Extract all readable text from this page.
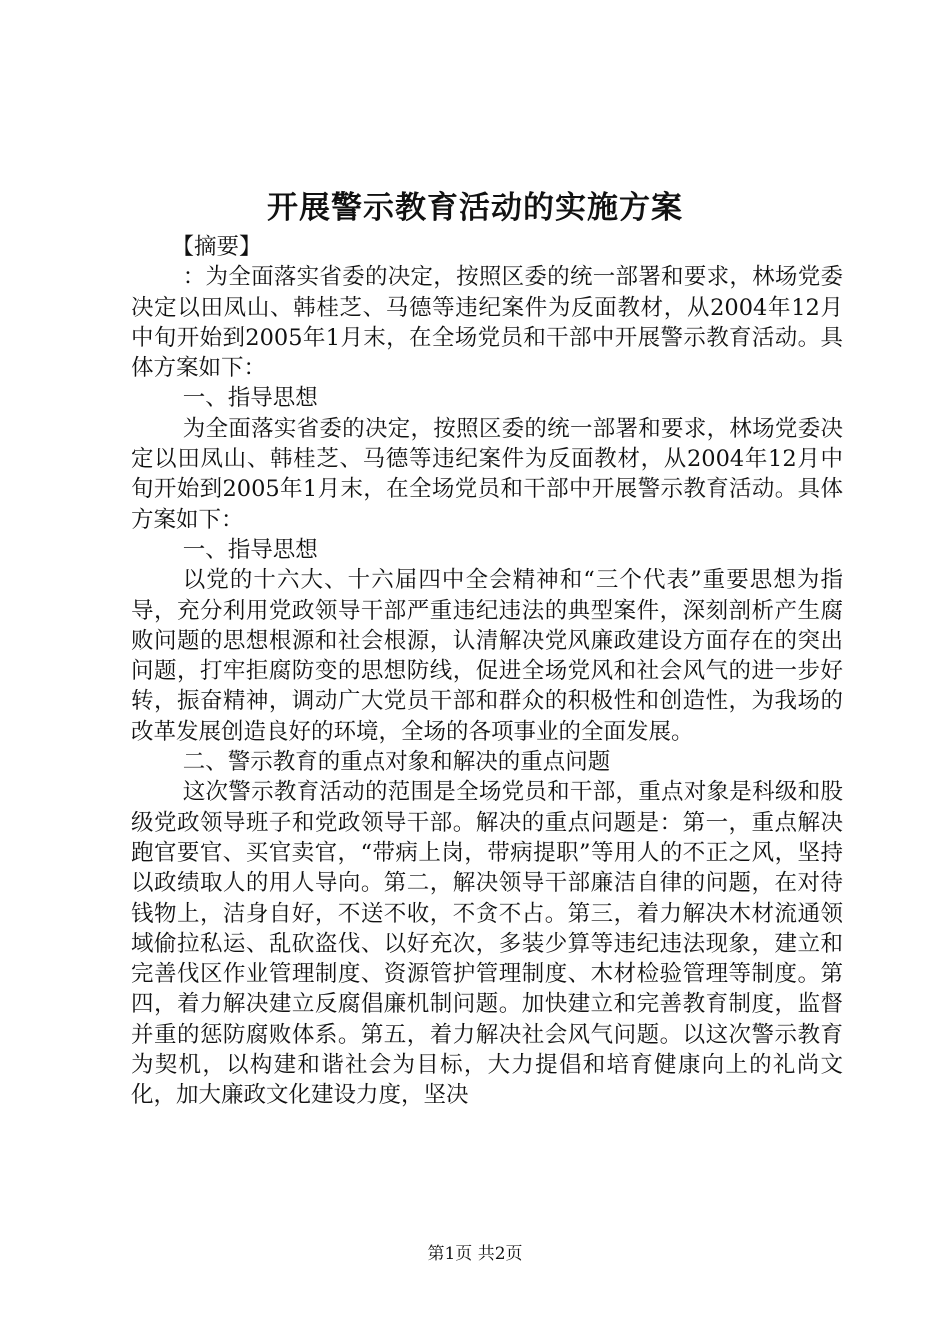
开展警示教育活动的实施方案

【摘要】

：为全面落实省委的决定，按照区委的统一部署和要求，林场党委决定以田凤山、韩桂芝、马德等违纪案件为反面教材，从2004年12月中旬开始到2005年1月末，在全场党员和干部中开展警示教育活动。具体方案如下：

一、指导思想

为全面落实省委的决定，按照区委的统一部署和要求，林场党委决定以田凤山、韩桂芝、马德等违纪案件为反面教材，从2004年12月中旬开始到2005年1月末，在全场党员和干部中开展警示教育活动。具体方案如下：

一、指导思想

以党的十六大、十六届四中全会精神和“三个代表”重要思想为指导，充分利用党政领导干部严重违纪违法的典型案件，深刻剖析产生腐败问题的思想根源和社会根源，认清解决党风廉政建设方面存在的突出问题，打牢拒腐防变的思想防线，促进全场党风和社会风气的进一步好转，振奋精神，调动广大党员干部和群众的积极性和创造性，为我场的改革发展创造良好的环境，全场的各项事业的全面发展。

二、警示教育的重点对象和解决的重点问题

这次警示教育活动的范围是全场党员和干部，重点对象是科级和股级党政领导班子和党政领导干部。解决的重点问题是：第一，重点解决跑官要官、买官卖官，“带病上岗，带病提职”等用人的不正之风，坚持以政绩取人的用人导向。第二，解决领导干部廉洁自律的问题，在对待钱物上，洁身自好，不送不收，不贪不占。第三，着力解决木材流通领域偷拉私运、乱砍盗伐、以好充次，多装少算等违纪违法现象，建立和完善伐区作业管理制度、资源管护管理制度、木材检验管理等制度。第四，着力解决建立反腐倡廉机制问题。加快建立和完善教育制度，监督并重的惩防腐败体系。第五，着力解决社会风气问题。以这次警示教育为契机，以构建和谐社会为目标，大力提倡和培育健康向上的礼尚文化，加大廉政文化建设力度，坚决

第1页 共2页
